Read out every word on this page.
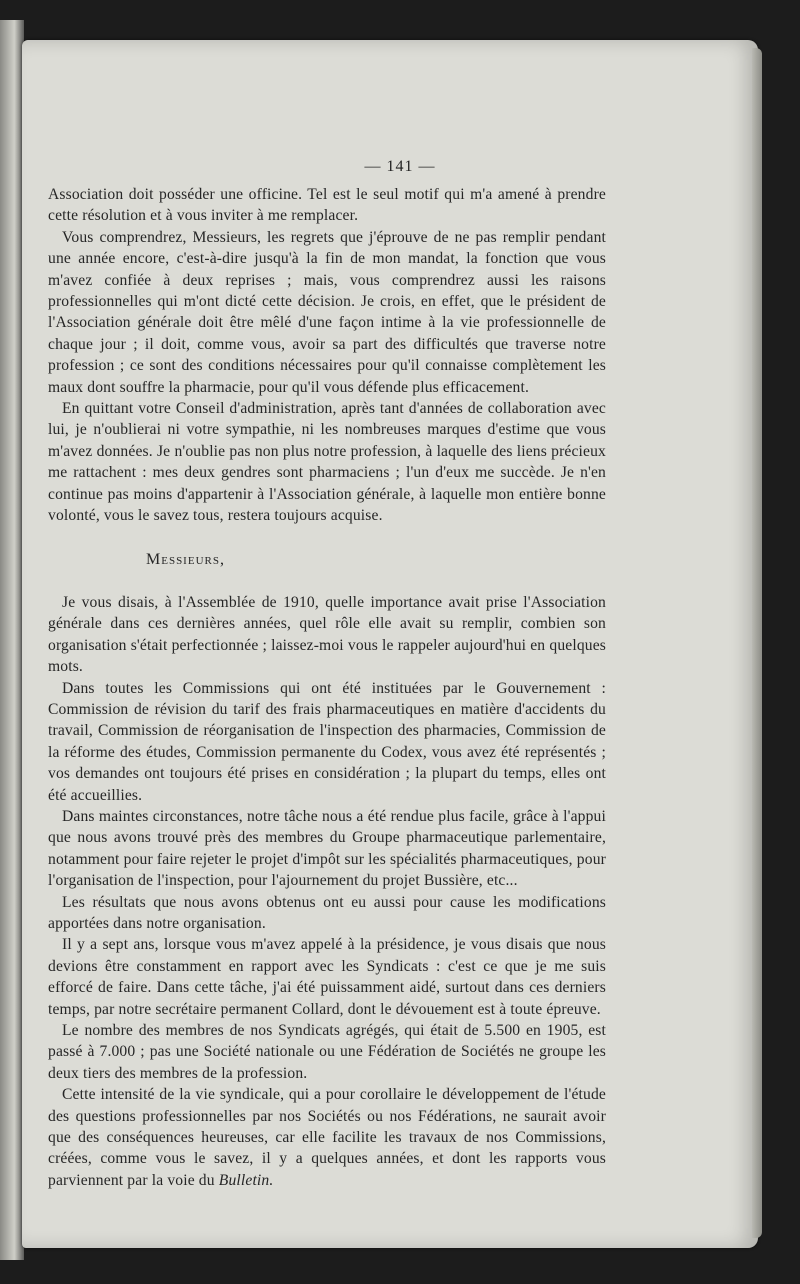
— 141 —

Association doit posséder une officine. Tel est le seul motif qui m'a amené à prendre cette résolution et à vous inviter à me remplacer.

Vous comprendrez, Messieurs, les regrets que j'éprouve de ne pas remplir pendant une année encore, c'est-à-dire jusqu'à la fin de mon mandat, la fonction que vous m'avez confiée à deux reprises ; mais, vous comprendrez aussi les raisons professionnelles qui m'ont dicté cette décision. Je crois, en effet, que le président de l'Association générale doit être mêlé d'une façon intime à la vie professionnelle de chaque jour ; il doit, comme vous, avoir sa part des difficultés que traverse notre profession ; ce sont des conditions nécessaires pour qu'il connaisse complètement les maux dont souffre la pharmacie, pour qu'il vous défende plus efficacement.

En quittant votre Conseil d'administration, après tant d'années de collaboration avec lui, je n'oublierai ni votre sympathie, ni les nombreuses marques d'estime que vous m'avez données. Je n'oublie pas non plus notre profession, à laquelle des liens précieux me rattachent : mes deux gendres sont pharmaciens ; l'un d'eux me succède. Je n'en continue pas moins d'appartenir à l'Association générale, à laquelle mon entière bonne volonté, vous le savez tous, restera toujours acquise.

Messieurs,

Je vous disais, à l'Assemblée de 1910, quelle importance avait prise l'Association générale dans ces dernières années, quel rôle elle avait su remplir, combien son organisation s'était perfectionnée ; laissez-moi vous le rappeler aujourd'hui en quelques mots.

Dans toutes les Commissions qui ont été instituées par le Gouvernement : Commission de révision du tarif des frais pharmaceutiques en matière d'accidents du travail, Commission de réorganisation de l'inspection des pharmacies, Commission de la réforme des études, Commission permanente du Codex, vous avez été représentés ; vos demandes ont toujours été prises en considération ; la plupart du temps, elles ont été accueillies.

Dans maintes circonstances, notre tâche nous a été rendue plus facile, grâce à l'appui que nous avons trouvé près des membres du Groupe pharmaceutique parlementaire, notamment pour faire rejeter le projet d'impôt sur les spécialités pharmaceutiques, pour l'organisation de l'inspection, pour l'ajournement du projet Bussière, etc...

Les résultats que nous avons obtenus ont eu aussi pour cause les modifications apportées dans notre organisation.

Il y a sept ans, lorsque vous m'avez appelé à la présidence, je vous disais que nous devions être constamment en rapport avec les Syndicats : c'est ce que je me suis efforcé de faire. Dans cette tâche, j'ai été puissamment aidé, surtout dans ces derniers temps, par notre secrétaire permanent Collard, dont le dévouement est à toute épreuve.

Le nombre des membres de nos Syndicats agrégés, qui était de 5.500 en 1905, est passé à 7.000 ; pas une Société nationale ou une Fédération de Sociétés ne groupe les deux tiers des membres de la profession.

Cette intensité de la vie syndicale, qui a pour corollaire le développement de l'étude des questions professionnelles par nos Sociétés ou nos Fédérations, ne saurait avoir que des conséquences heureuses, car elle facilite les travaux de nos Commissions, créées, comme vous le savez, il y a quelques années, et dont les rapports vous parviennent par la voie du Bulletin.
